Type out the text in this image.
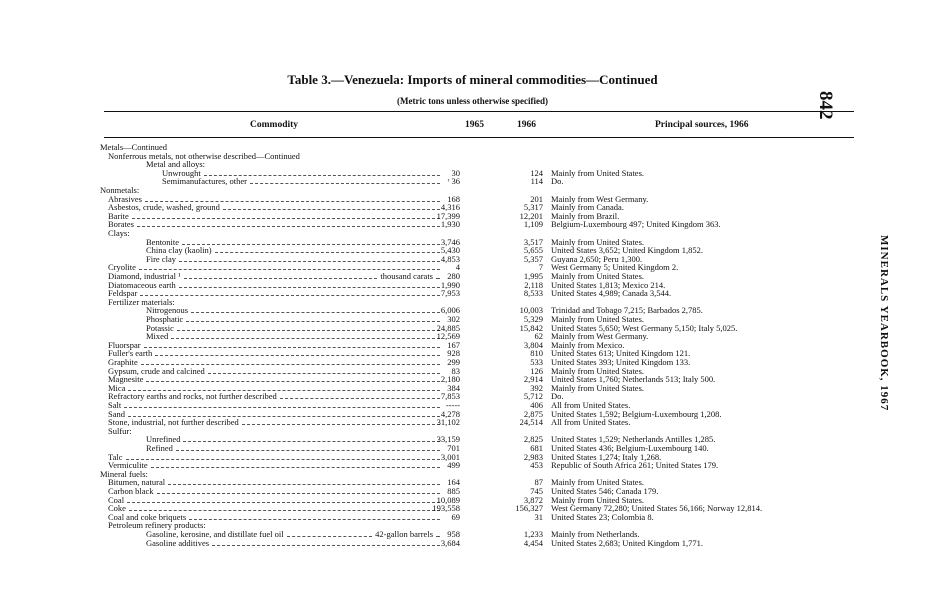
842
MINERALS YEARBOOK, 1967
Table 3.—Venezuela: Imports of mineral commodities—Continued
(Metric tons unless otherwise specified)
Commodity	1965	1966	Principal sources, 1966
Metals—Continued
Nonferrous metals, not otherwise described—Continued
Metal and alloys:
Unwrought	30	124 Mainly from United States.
Semimanufactures, other	ʳ 36	114 Do.
Nonmetals:
Abrasives	168	201 Mainly from West Germany.
Asbestos, crude, washed, ground	4,316	5,317 Mainly from Canada.
Barite	17,399	12,201 Mainly from Brazil.
Borates	1,930	1,109 Belgium-Luxembourg 497; United Kingdom 363.
Clays:
Bentonite	3,746	3,517 Mainly from United States.
China clay (kaolin)	5,430	5,655 United States 3,652; United Kingdom 1,852.
Fire clay	4,853	5,357 Guyana 2,650; Peru 1,300.
Cryolite	4	7 West Germany 5; United Kingdom 2.
Diamond, industrial ¹	thousand carats	280	1,995 Mainly from United States.
Diatomaceous earth	1,990	2,118 United States 1,813; Mexico 214.
Feldspar	7,953	8,533 United States 4,989; Canada 3,544.
Fertilizer materials:
Nitrogenous	6,006	10,003 Trinidad and Tobago 7,215; Barbados 2,785.
Phosphatic	302	5,329 Mainly from United States.
Potassic	24,885	15,842 United States 5,650; West Germany 5,150; Italy 5,025.
Mixed	12,569	62 Mainly from West Germany.
Fluorspar	167	3,804 Mainly from Mexico.
Fuller's earth	928	810 United States 613; United Kingdom 121.
Graphite	299	533 United States 393; United Kingdom 133.
Gypsum, crude and calcined	83	126 Mainly from United States.
Magnesite	2,180	2,914 United States 1,760; Netherlands 513; Italy 500.
Mica	384	392 Mainly from United States.
Refractory earths and rocks, not further described	7,853	5,712 Do.
Salt	-----	406 All from United States.
Sand	4,278	2,875 United States 1,592; Belgium-Luxembourg 1,208.
Stone, industrial, not further described	31,102	24,514 All from United States.
Sulfur:
Unrefined	33,159	2,825 United States 1,529; Netherlands Antilles 1,285.
Refined	701	681 United States 436; Belgium-Luxembourg 140.
Talc	3,001	2,983 United States 1,274; Italy 1,268.
Vermiculite	499	453 Republic of South Africa 261; United States 179.
Mineral fuels:
Bitumen, natural	164	87 Mainly from United States.
Carbon black	885	745 United States 546; Canada 179.
Coal	10,089	3,872 Mainly from United States.
Coke	193,558	156,327 West Germany 72,280; United States 56,166; Norway 12,814.
Coal and coke briquets	69	31 United States 23; Colombia 8.
Petroleum refinery products:
Gasoline, kerosine, and distillate fuel oil	42-gallon barrels	958	1,233 Mainly from Netherlands.
Gasoline additives	3,684	4,454 United States 2,683; United Kingdom 1,771.
